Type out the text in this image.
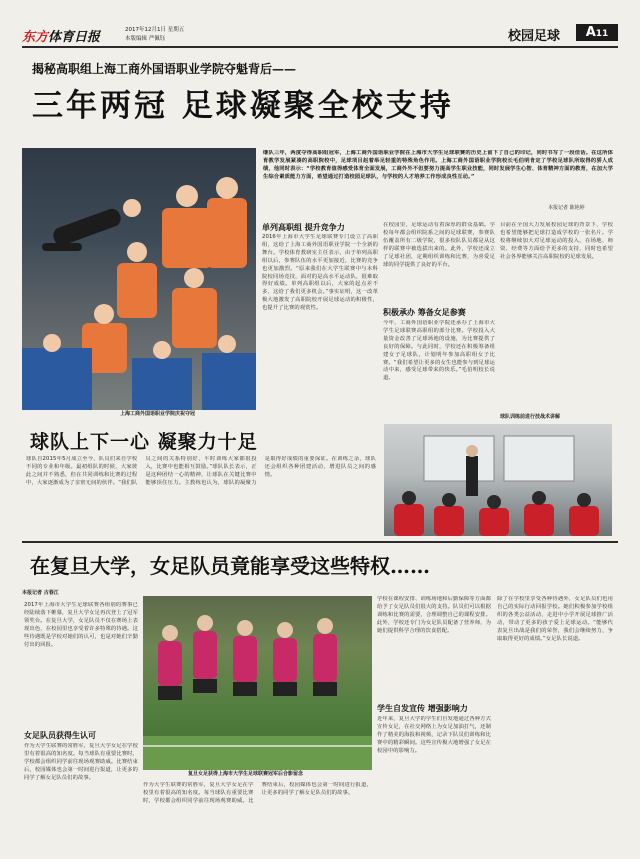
东方体育日报	2017年12月1日 星期五
本版编辑 严佩钰	校园足球	A11
揭秘高职组上海工商外国语职业学院夺魁背后——
三年两冠 足球凝聚全校支持
上海工商外国语职业学院庆祝夺冠
继队三年，两度夺得高职组冠军，上海工商外国语职业学院在上海市大学生足球联赛的历史上留下了自己的印记，同时书写了一段佳话。在这所体育教学发展紧凑的高职院校中，足球项目赵着举足轻重的特殊角色作用。上海工商外国语职业学院校长毛伯明肯定了学校足球队所取得的骄人成绩，他同时表示：“学校教育值得感受体育全面发展，工商外外不但要努力提高学生职业技能，同时发展学生心智、体育精神方面的教育，在加大学生综合素质能力方面，希望通过打造校园足球队，与学校的人才培养工作形成良性互动。”
本报记者 陈艳婷
单列高职组 提升竞争力
2016年上海市大学生足球联赛专门设立了高职组，这给了上海工商外国语职业学院一个全新的舞台。学校体育教研室主任表示，由于单列高职组以后，参赛队伍的水平更加接近，比赛的竞争也更加激烈。“原来我们在大学生联赛中与本科院校同场竞技，面对的是高水平运动队，很难取得好成绩。单列高职组以后，大家的起点差不多，这给了我们更多机会。”事实证明，这一改革极大地激发了高职院校开展足球运动的积极性，也提升了比赛的观赏性。
在校园里，足球运动有着深厚的群众基础。学校每年都会组织院系之间的足球联赛，参赛队伍覆盖所有二级学院，很多校队队员都是从这样的联赛中被选拔出来的。此外，学校还成立了足球社团，定期组织训练和比赛，为喜爱足球的同学提供了良好的平台。
积极承办 筹备女足参赛
今年，工商外国语职业学院还承办了上海市大学生足球联赛高职组的部分比赛。学校投入大量资金改善了足球场地的设施，为比赛提供了良好的保障。与此同时，学校还在积极筹备组建女子足球队，计划明年参加高职组女子比赛。“我们希望让更多的女生也能参与到足球运动中来，感受足球带来的快乐。”毛伯明校长说道。
目前在全国大力发展校园足球的背景下，学校也希望能够把足球打造成学校的一张名片。学校将继续加大对足球运动的投入，在场地、师资、经费等方面给予更多的支持，同时也希望社会各界能够关注高职院校的足球发展。
球队训练前进行技战术讲解
球队上下一心 凝聚力十足
球队自2015年5月成立至今，队员们来自学校不同的专业和年级。最初组队的时候，大家彼此之间并不熟悉，但在共同训练和比赛的过程中，大家逐渐成为了亲密无间的伙伴。“我们队员之间的关系特别好，平时训练大家都很投入，比赛中也能相互鼓励。”球队队长表示，正是这种团结一心的精神，让球队在关键比赛中能够顶住压力。主教练也认为，球队的凝聚力是取得好成绩的重要保证。在训练之余，球队还会组织各种团建活动，增进队员之间的感情。
在复旦大学，女足队员竟能享受这些特权……
本报记者 古春江
2017年上海市大学生足球联赛各组别的赛事已经陆续落下帷幕，复旦大学女足再次登上了冠军领奖台。在复旦大学，女足队员不仅在赛场上表现出色，在校园里也享受着许多特殊的待遇。这些待遇既是学校对她们的认可，也是对她们辛勤付出的回报。
女足队员获得生认可
作为大学生联赛的常胜军，复旦大学女足在学校里有着很高的知名度。每当球队有重要比赛时，学校都会组织同学前往现场观赛助威。比赛结束后，校园媒体也会第一时间进行报道，让更多的同学了解女足队员们的故事。
复旦女足获得上海市大学生足球联赛冠军后合影留念
作为大学生联赛的常胜军，复旦大学女足在学校里有着很高的知名度。每当球队有重要比赛时，学校都会组织同学前往现场观赛助威。比赛结束后，校园媒体也会第一时间进行报道，让更多的同学了解女足队员们的故事。
学校在课程安排、训练场地和后勤保障等方面都给予了女足队员们很大的支持。队员们可以根据训练和比赛的需要，合理调整自己的课程安排。此外，学校还专门为女足队员配备了营养师，为她们提供科学合理的饮食搭配。
学生自发宣传 增强影响力
近年来，复旦大学的学生们自发地通过各种方式宣传女足，在社交网络上为女足加油打气，还制作了精美的海报和视频，记录下队员们训练和比赛中的精彩瞬间。这些宣传极大地增强了女足在校园中的影响力。
除了在学校里享受各种待遇外，女足队员们也用自己的实际行动回报学校。她们积极参加学校组织的各类公益活动，走进中小学开展足球推广活动，带动了更多的孩子爱上足球运动。“能够代表复旦出战是我们的荣誉，我们会继续努力，争取取得更好的成绩。”女足队长说道。
